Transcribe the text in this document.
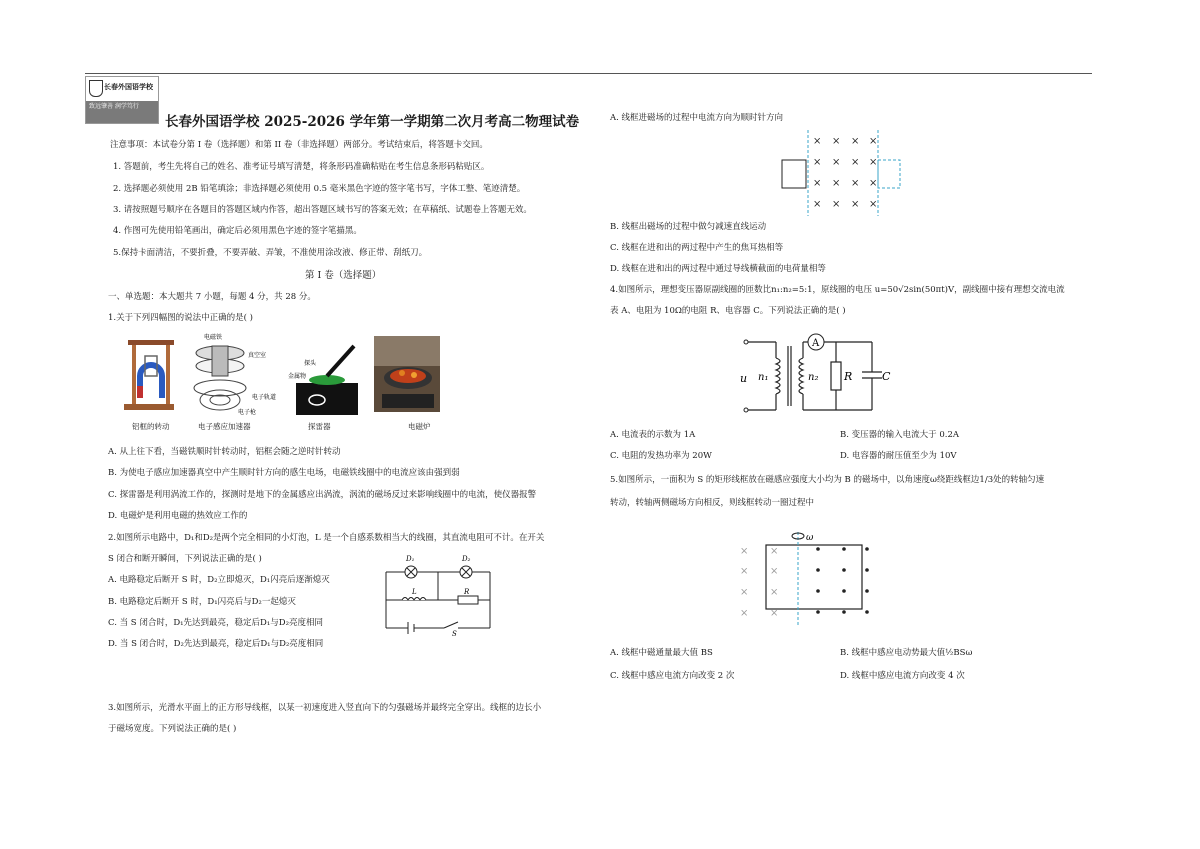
长春外国语学校
致远肇善 润学笃行
长春外国语学校 2025-2026 学年第一学期第二次月考高二物理试卷
注意事项：本试卷分第 I 卷（选择题）和第 II 卷（非选择题）两部分。考试结束后，将答题卡交回。
1. 答题前，考生先将自己的姓名、准考证号填写清楚，将条形码准确粘贴在考生信息条形码粘贴区。
2. 选择题必须使用 2B 铅笔填涂；非选择题必须使用 0.5 毫米黑色字迹的签字笔书写，字体工整、笔迹清楚。
3. 请按照题号顺序在各题目的答题区域内作答，超出答题区域书写的答案无效；在草稿纸、试题卷上答题无效。
4. 作图可先使用铅笔画出，确定后必须用黑色字迹的签字笔描黑。
5.保持卡面清洁，不要折叠，不要弄破、弄皱，不准使用涂改液、修正带、刮纸刀。
第 I 卷（选择题）
一、单选题：本大题共 7 小题，每题 4 分，共 28 分。
1.关于下列四幅图的说法中正确的是( )
电磁铁
真空室
电子轨道
电子枪
探头
金属物
铝框的转动	电子感应加速器	探雷器	电磁炉
A. 从上往下看，当磁铁顺时针转动时，铝框会随之逆时针转动
B. 为使电子感应加速器真空中产生顺时针方向的感生电场，电磁铁线圈中的电流应该由强到弱
C. 探雷器是利用涡流工作的，探测时是地下的金属感应出涡流，涡流的磁场反过来影响线圈中的电流，使仪器报警
D. 电磁炉是利用电磁的热效应工作的
2.如图所示电路中，D₁和D₂是两个完全相同的小灯泡，L 是一个自感系数相当大的线圈，其直流电阻可不计。在开关
S 闭合和断开瞬间，下列说法正确的是( )
A. 电路稳定后断开 S 时，D₂立即熄灭，D₁闪亮后逐渐熄灭
B. 电路稳定后断开 S 时，D₁闪亮后与D₂一起熄灭
C. 当 S 闭合时，D₁先达到最亮，稳定后D₁与D₂亮度相同
D. 当 S 闭合时，D₂先达到最亮，稳定后D₁与D₂亮度相同
D₁	D₂
L	R
S
3.如图所示，光滑水平面上的正方形导线框，以某一初速度进入竖直向下的匀强磁场并最终完全穿出。线框的边长小
于磁场宽度。下列说法正确的是( )
A. 线框进磁场的过程中电流方向为顺时针方向
× × × ×
× × × ×
× × × ×
× × × ×
B. 线框出磁场的过程中做匀减速直线运动
C. 线框在进和出的两过程中产生的焦耳热相等
D. 线框在进和出的两过程中通过导线横截面的电荷量相等
4.如图所示，理想变压器原副线圈的匝数比n₁:n₂=5:1，原线圈的电压 u=50√2sin(50πt)V，副线圈中接有理想交流电流
表 A、电阻为 10Ω的电阻 R、电容器 C。下列说法正确的是( )
A
u n₁	n₂ R	C
A. 电流表的示数为 1A	B. 变压器的输入电流大于 0.2A
C. 电阻的发热功率为 20W	D. 电容器的耐压值至少为 10V
5.如图所示，一面积为 S 的矩形线框放在磁感应强度大小均为 B 的磁场中，以角速度ω绕距线框边1/3处的转轴匀速
转动，转轴两侧磁场方向相反，则线框转动一圈过程中
× ×
× ×
× ×
× ×
ω
A. 线框中磁通量最大值 BS	B. 线框中感应电动势最大值½BSω
C. 线框中感应电流方向改变 2 次	D. 线框中感应电流方向改变 4 次
